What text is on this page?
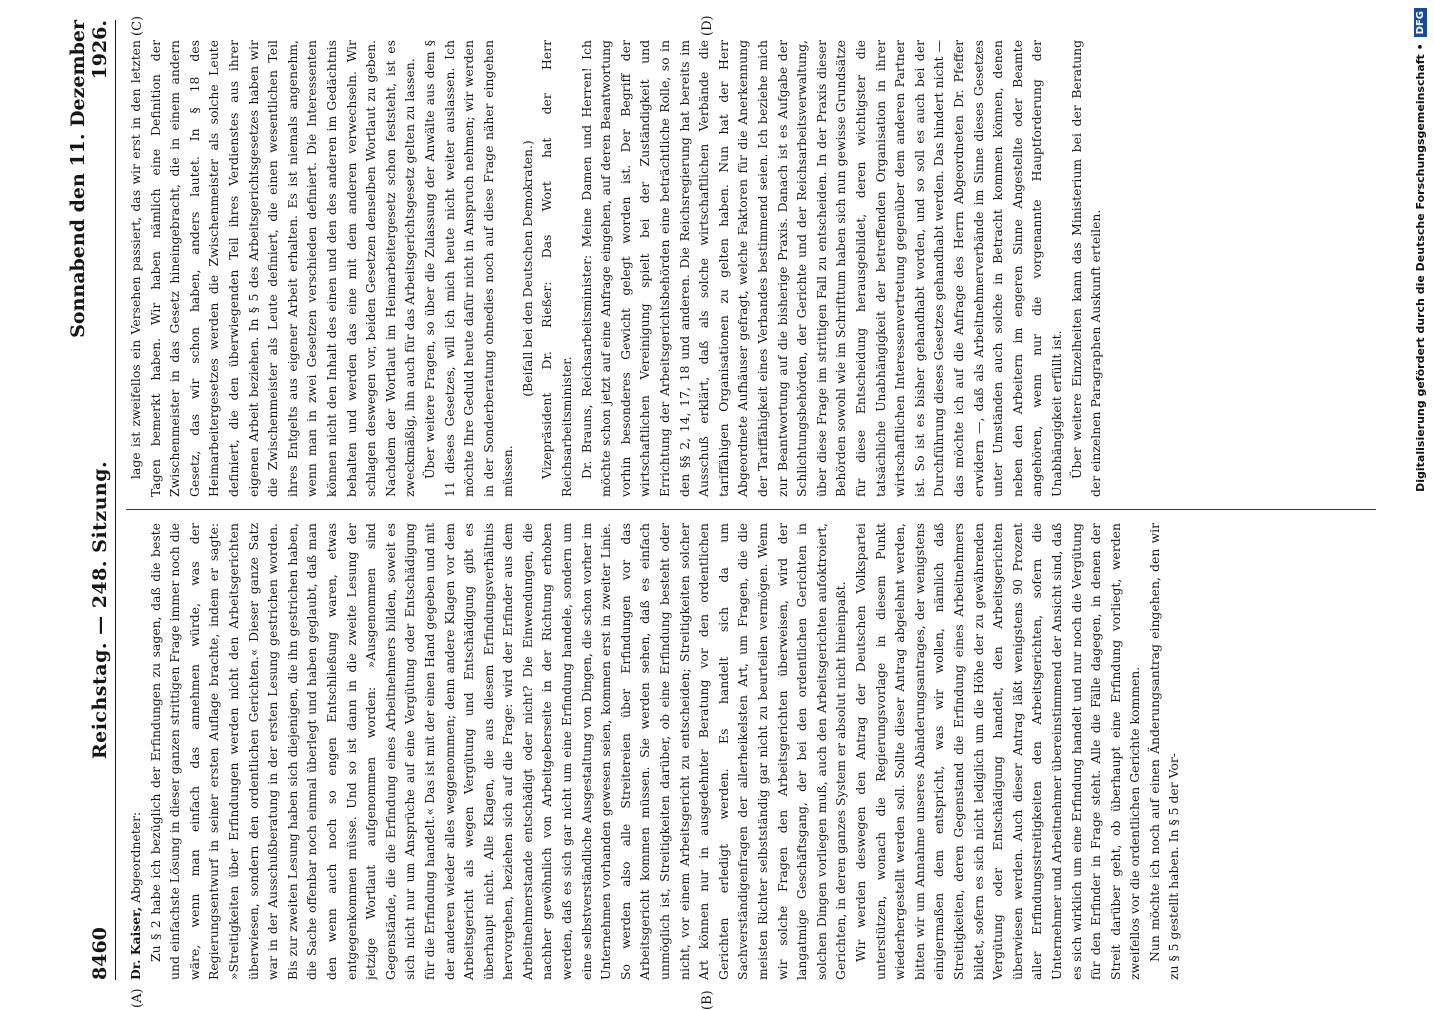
8460
Reichstag. — 248. Sitzung.
Sonnabend den 11. Dezember 1926.

Dr. Kaiser, Abgeordneter: Zu § 2 habe ich bezüglich der Erfindungen zu sagen, daß die beste und einfachste Lösung in dieser ganzen strittigen Frage immer noch die wäre, wenn man einfach das annehmen würde, was der Regierungsentwurf in seiner ersten Auflage brachte, indem er sagte: »Streitigkeiten über Erfindungen werden nicht den Arbeitsgerichten überwiesen, sondern den ordentlichen Gerichten.« Dieser ganze Satz war in der Ausschußberatung in der ersten Lesung gestrichen worden. Bis zur zweiten Lesung haben sich diejenigen, die ihn gestrichen haben, die Sache offenbar noch einmal überlegt und haben geglaubt, daß man den wenn auch noch so engen Entschließung waren, etwas entgegenkommen müsse. Und so ist dann in die zweite Lesung der jetzige Wortlaut aufgenommen worden: »Ausgenommen sind Gegenstände, die die Erfindung eines Arbeitnehmers bilden, soweit es sich nicht nur um Ansprüche auf eine Vergütung oder Entschädigung für die Erfindung handelt.« Das ist mit der einen Hand gegeben und mit der anderen wieder alles weggenommen; denn andere Klagen vor dem Arbeitsgericht als wegen Vergütung und Entschädigung gibt es überhaupt nicht. Alle Klagen, die aus diesem Erfindungsverhältnis hervorgehen, beziehen sich auf die Frage: wird der Erfinder aus dem Arbeitnehmerstande entschädigt oder nicht? Die Einwendungen, die nachher gewöhnlich von Arbeitgeberseite in der Richtung erhoben werden, daß es sich gar nicht um eine Erfindung handele, sondern um eine selbstverständliche Ausgestaltung von Dingen, die schon vorher im Unternehmen vorhanden gewesen seien, kommen erst in zweiter Linie. So werden also alle Streitereien über Erfindungen vor das Arbeitsgericht kommen müssen. Sie werden sehen, daß es einfach unmöglich ist, Streitigkeiten darüber, ob eine Erfindung besteht oder nicht, vor einem Arbeitsgericht zu entscheiden; Streitigkeiten solcher Art können nur in ausgedehnter Beratung vor den ordentlichen Gerichten erledigt werden. Es handelt sich da um Sachverständigenfragen der allerheikelsten Art, um Fragen, die die meisten Richter selbstständig gar nicht zu beurteilen vermögen. Wenn wir solche Fragen den Arbeitsgerichten überweisen, wird der langatmige Geschäftsgang, der bei den ordentlichen Gerichten in solchen Dingen vorliegen muß, auch den Arbeitsgerichten aufoktroiert, Gerichten, in deren ganzes System er absolut nicht hineinpaßt. Wir werden deswegen den Antrag der Deutschen Volkspartei unterstützen, wonach die Regierungsvorlage in diesem Punkt wiederhergestellt werden soll. Sollte dieser Antrag abgelehnt werden, bitten wir um Annahme unseres Abänderungsantrages, der wenigstens einigermaßen dem entspricht, was wir wollen, nämlich daß Streitigkeiten, deren Gegenstand die Erfindung eines Arbeitnehmers bildet, sofern es sich nicht lediglich um die Höhe der zu gewährenden Vergütung oder Entschädigung handelt, den Arbeitsgerichten überwiesen werden. Auch dieser Antrag läßt wenigstens 90 Prozent aller Erfindungsstreitigkeiten den Arbeitsgerichten, sofern die Unternehmer und Arbeitnehmer übereinstimmend der Ansicht sind, daß es sich wirklich um eine Erfindung handelt und nur noch die Vergütung für den Erfinder in Frage steht. Alle die Fälle dagegen, in denen der Streit darüber geht, ob überhaupt eine Erfindung vorliegt, werden zweifellos vor die ordentlichen Gerichte kommen. Nun möchte ich noch auf einen Änderungsantrag eingehen, den wir zu § 5 gestellt haben. In § 5 der Vor-

lage ist zweifellos ein Versehen passiert, das wir erst in den letzten Tagen bemerkt haben. Wir haben nämlich eine Definition der Zwischenmeister in das Gesetz hineingebracht, die in einem andern Gesetz, das wir schon haben, anders lautet. In § 18 des Heimarbeitergesetzes werden die Zwischenmeister als solche Leute definiert, die den überwiegenden Teil ihres Verdienstes aus ihrer eigenen Arbeit beziehen. In § 5 des Arbeitsgerichtsgesetzes haben wir die Zwischenmeister als Leute definiert, die einen wesentlichen Teil ihres Entgelts aus eigener Arbeit erhalten. Es ist niemals angenehm, wenn man in zwei Gesetzen verschieden definiert. Die Interessenten können nicht den Inhalt des einen und den des anderen im Gedächtnis behalten und werden das eine mit dem anderen verwechseln. Wir schlagen deswegen vor, beiden Gesetzen denselben Wortlaut zu geben. Nachdem der Wortlaut im Heimarbeitergesetz schon feststeht, ist es zweckmäßig, ihn auch für das Arbeitsgerichtsgesetz gelten zu lassen. Über weitere Fragen, so über die Zulassung der Anwälte aus dem § 11 dieses Gesetzes, will ich mich heute nicht weiter auslassen. Ich möchte Ihre Geduld heute dafür nicht in Anspruch nehmen; wir werden in der Sonderberatung ohnedies noch auf diese Frage näher eingehen müssen.

(Beifall bei den Deutschen Demokraten.) Vizepräsident Dr. Rießer: Das Wort hat der Herr Reichsarbeitsminister. Dr. Brauns, Reichsarbeitsminister: Meine Damen und Herren! Ich möchte schon jetzt auf eine Anfrage eingehen, auf deren Beantwortung vorhin besonderes Gewicht gelegt worden ist. Der Begriff der wirtschaftlichen Vereinigung spielt bei der Zuständigkeit und Errichtung der Arbeitsgerichtsbehörden eine beträchtliche Rolle, so in den §§ 2, 14, 17, 18 und anderen. Die Reichsregierung hat bereits im Ausschuß erklärt, daß als solche wirtschaftlichen Verbände die tariffähigen Organisationen zu gelten haben. Nun hat der Herr Abgeordnete Aufhäuser gefragt, welche Faktoren für die Anerkennung der Tariffähigkeit eines Verbandes bestimmend seien. Ich beziehe mich zur Beantwortung auf die bisherige Praxis. Danach ist es Aufgabe der Schlichtungsbehörden, der Gerichte und der Reichsarbeitsverwaltung, über diese Frage im strittigen Fall zu entscheiden. In der Praxis dieser Behörden sowohl wie im Schrifttum haben sich nun gewisse Grundsätze für diese Entscheidung herausgebildet, deren wichtigster die tatsächliche Unabhängigkeit der betreffenden Organisation in ihrer wirtschaftlichen Interessenvertretung gegenüber dem anderen Partner ist. So ist es bisher gehandhabt worden, und so soll es auch bei der Durchführung dieses Gesetzes gehandhabt werden. Das hindert nicht — das möchte ich auf die Anfrage des Herrn Abgeordneten Dr. Pfeffer erwidern —, daß als Arbeitnehmerverbände im Sinne dieses Gesetzes unter Umständen auch solche in Betracht kommen können, denen neben den Arbeitern im engeren Sinne Angestellte oder Beamte angehören, wenn nur die vorgenannte Hauptforderung der Unabhängigkeit erfüllt ist. Über weitere Einzelheiten kann das Ministerium bei der Beratung der einzelnen Paragraphen Auskunft erteilen.

(A)	(B)
(C)	(D)
Digitalisierung gefördert durch die Deutsche Forschungsgemeinschaft •
DFG
